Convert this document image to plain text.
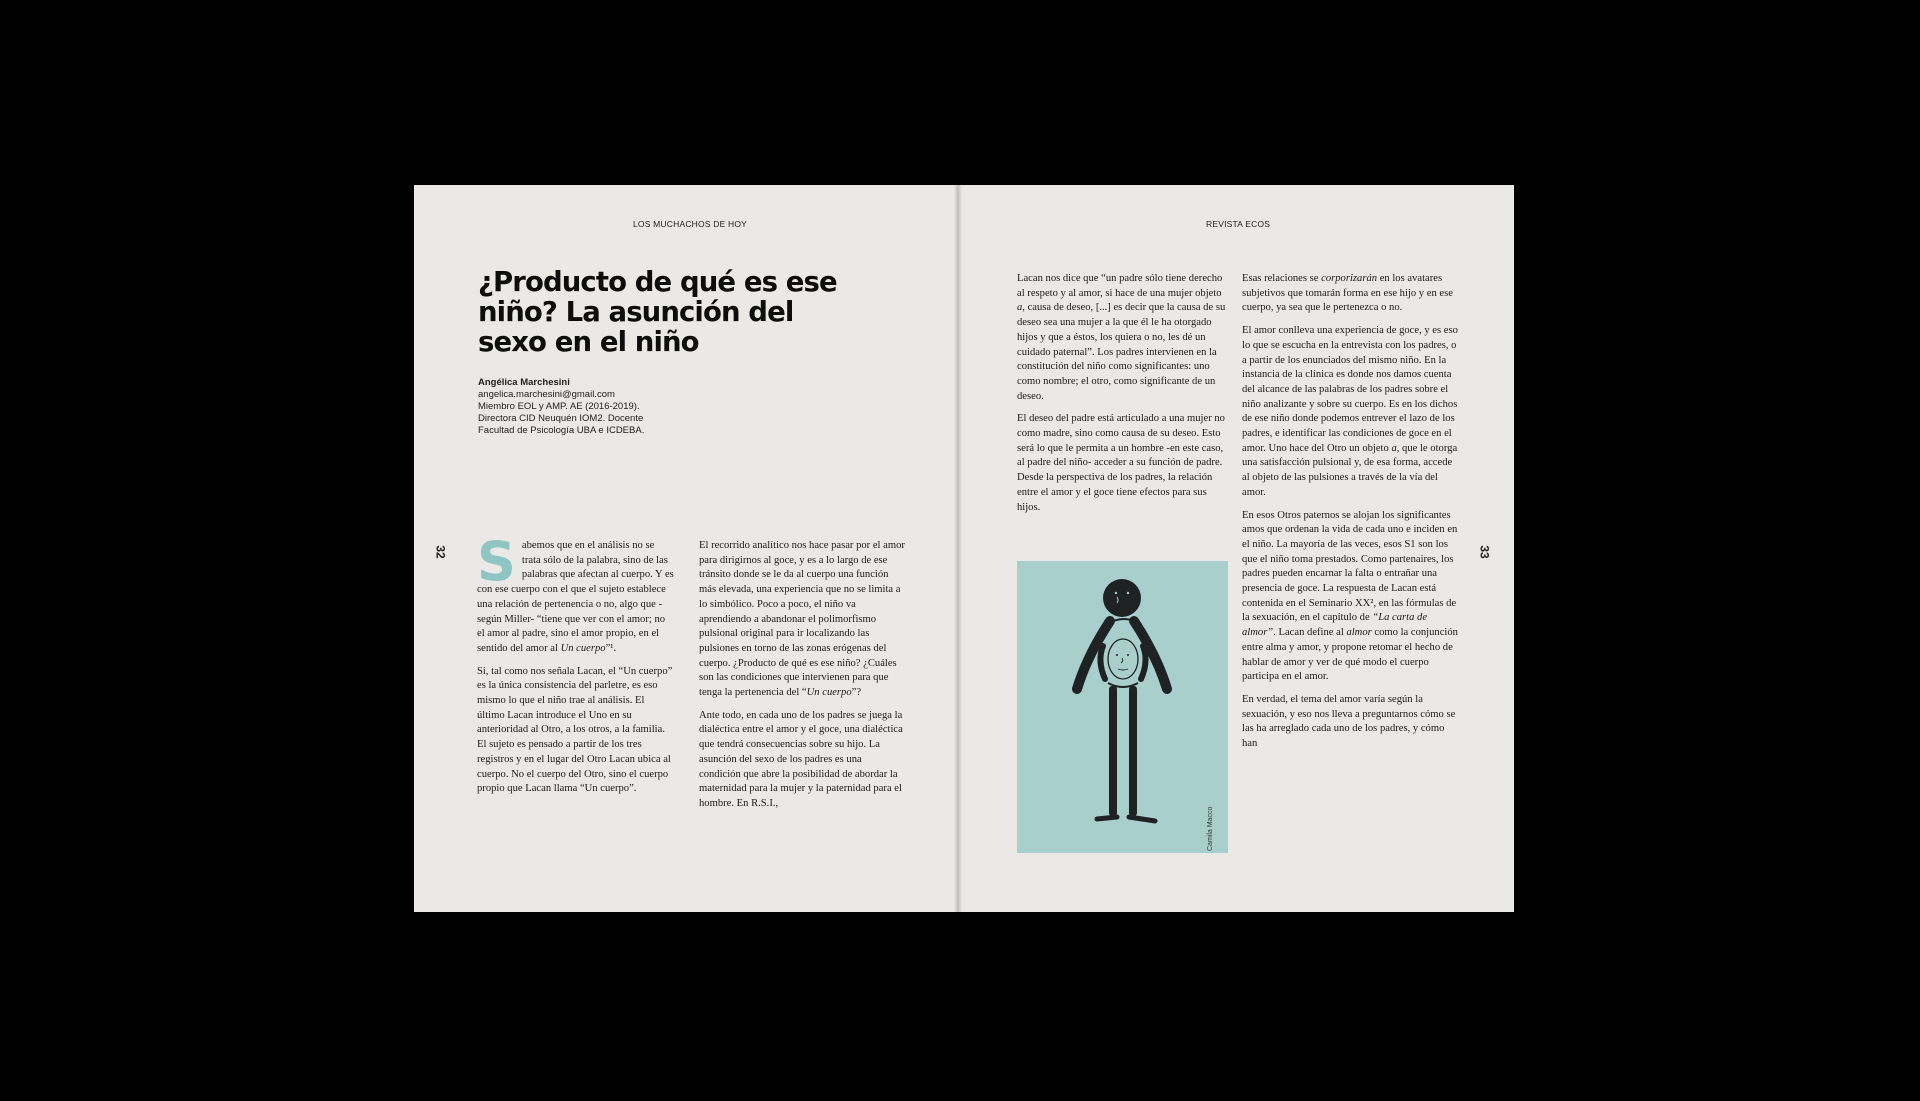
LOS MUCHACHOS DE HOY
32
¿Producto de qué es ese niño? La asunción del sexo en el niño
Angélica Marchesini
angelica.marchesini@gmail.com
Miembro EOL y AMP. AE (2016-2019).
Directora CID Neuquén IOM2. Docente
Facultad de Psicología UBA e ICDEBA.

Sabemos que en el análisis no se trata sólo de la palabra, sino de las palabras que afectan al cuerpo. Y es con ese cuerpo con el que el sujeto establece una relación de pertenencia o no, algo que -según Miller- “tiene que ver con el amor; no el amor al padre, sino el amor propio, en el sentido del amor al Un cuerpo”¹.

Si, tal como nos señala Lacan, el “Un cuerpo” es la única consistencia del parletre, es eso mismo lo que el niño trae al análisis. El último Lacan introduce el Uno en su anterioridad al Otro, a los otros, a la familia. El sujeto es pensado a partir de los tres registros y en el lugar del Otro Lacan ubica al cuerpo. No el cuerpo del Otro, sino el cuerpo propio que Lacan llama “Un cuerpo”.

El recorrido analítico nos hace pasar por el amor para dirigirnos al goce, y es a lo largo de ese tránsito donde se le da al cuerpo una función más elevada, una experiencia que no se limita a lo simbólico. Poco a poco, el niño va aprendiendo a abandonar el polimorfismo pulsional original para ir localizando las pulsiones en torno de las zonas erógenas del cuerpo. ¿Producto de qué es ese niño? ¿Cuáles son las condiciones que intervienen para que tenga la pertenencia del “Un cuerpo”?

Ante todo, en cada uno de los padres se juega la dialéctica entre el amor y el goce, una dialéctica que tendrá consecuencias sobre su hijo. La asunción del sexo de los padres es una condición que abre la posibilidad de abordar la maternidad para la mujer y la paternidad para el hombre. En R.S.I.,

REVISTA ECOS
33

Lacan nos dice que “un padre sólo tiene derecho al respeto y al amor, si hace de una mujer objeto a, causa de deseo, [...] es decir que la causa de su deseo sea una mujer a la que él le ha otorgado hijos y que a éstos, los quiera o no, les dé un cuidado paternal”. Los padres intervienen en la constitución del niño como significantes: uno como nombre; el otro, como significante de un deseo.

El deseo del padre está articulado a una mujer no como madre, sino como causa de su deseo. Esto será lo que le permita a un hombre -en este caso, al padre del niño- acceder a su función de padre. Desde la perspectiva de los padres, la relación entre el amor y el goce tiene efectos para sus hijos.

Camila Macco

Esas relaciones se corporizarán en los avatares subjetivos que tomarán forma en ese hijo y en ese cuerpo, ya sea que le pertenezca o no.

El amor conlleva una experiencia de goce, y es eso lo que se escucha en la entrevista con los padres, o a partir de los enunciados del mismo niño. En la instancia de la clínica es donde nos damos cuenta del alcance de las palabras de los padres sobre el niño analizante y sobre su cuerpo. Es en los dichos de ese niño donde podemos entrever el lazo de los padres, e identificar las condiciones de goce en el amor. Uno hace del Otro un objeto a, que le otorga una satisfacción pulsional y, de esa forma, accede al objeto de las pulsiones a través de la vía del amor.

En esos Otros paternos se alojan los significantes amos que ordenan la vida de cada uno e inciden en el niño. La mayoría de las veces, esos S1 son los que el niño toma prestados. Como partenaires, los padres pueden encarnar la falta o entrañar una presencia de goce. La respuesta de Lacan está contenida en el Seminario XX², en las fórmulas de la sexuación, en el capítulo de “La carta de almor”. Lacan define al almor como la conjunción entre alma y amor, y propone retomar el hecho de hablar de amor y ver de qué modo el cuerpo participa en el amor.

En verdad, el tema del amor varía según la sexuación, y eso nos lleva a preguntarnos cómo se las ha arreglado cada uno de los padres, y cómo han
